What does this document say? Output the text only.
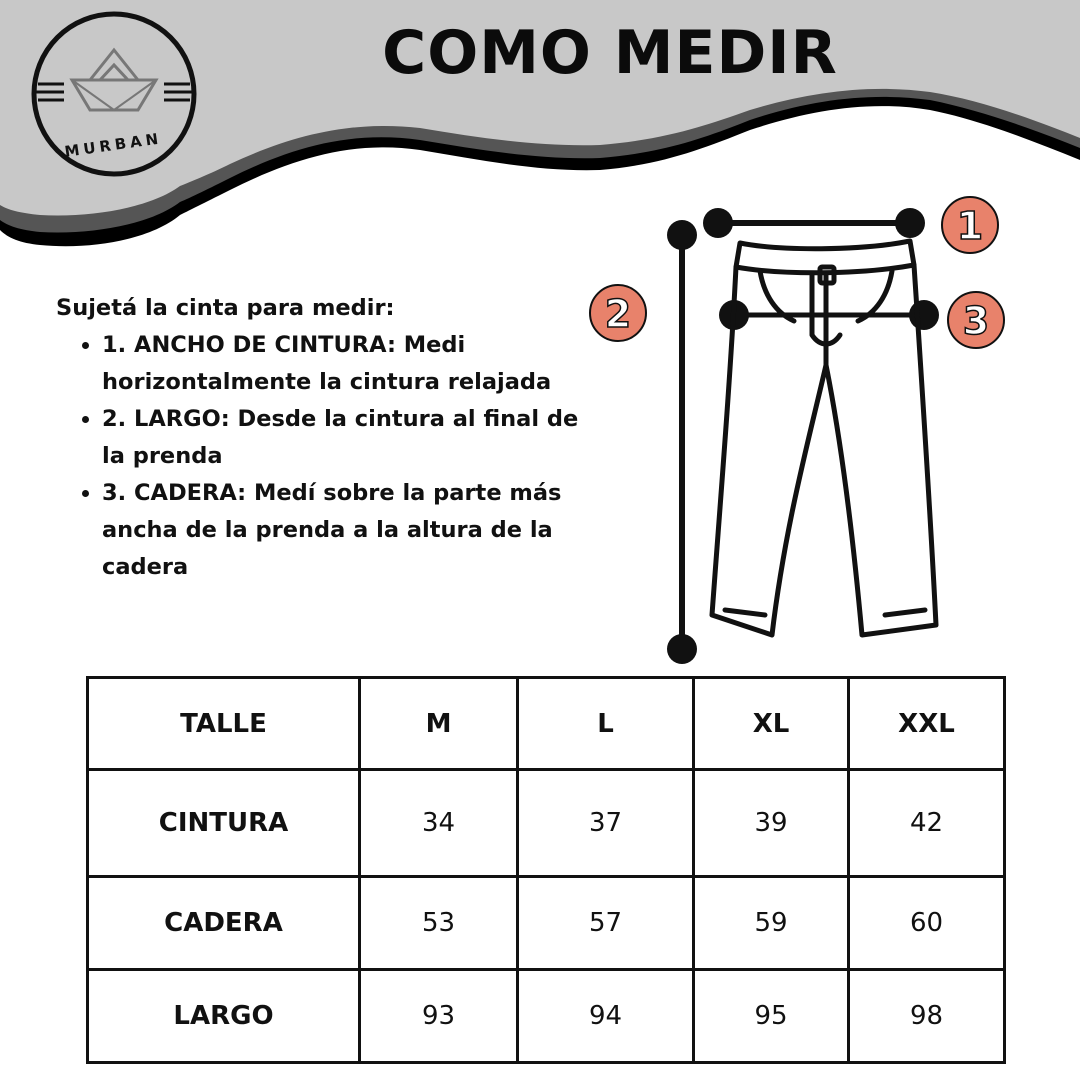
MURBAN
COMO MEDIR
Sujetá la cinta para medir:
• 1. ANCHO DE CINTURA: Medi horizontalmente la cintura relajada
• 2. LARGO: Desde la cintura al final de la prenda
• 3. CADERA: Medí sobre la parte más ancha de la prenda a la altura de la cadera
1
2	3
TALLE	M	L	XL	XXL
CINTURA	34	37	39	42
CADERA	53	57	59	60
LARGO	93	94	95	98
